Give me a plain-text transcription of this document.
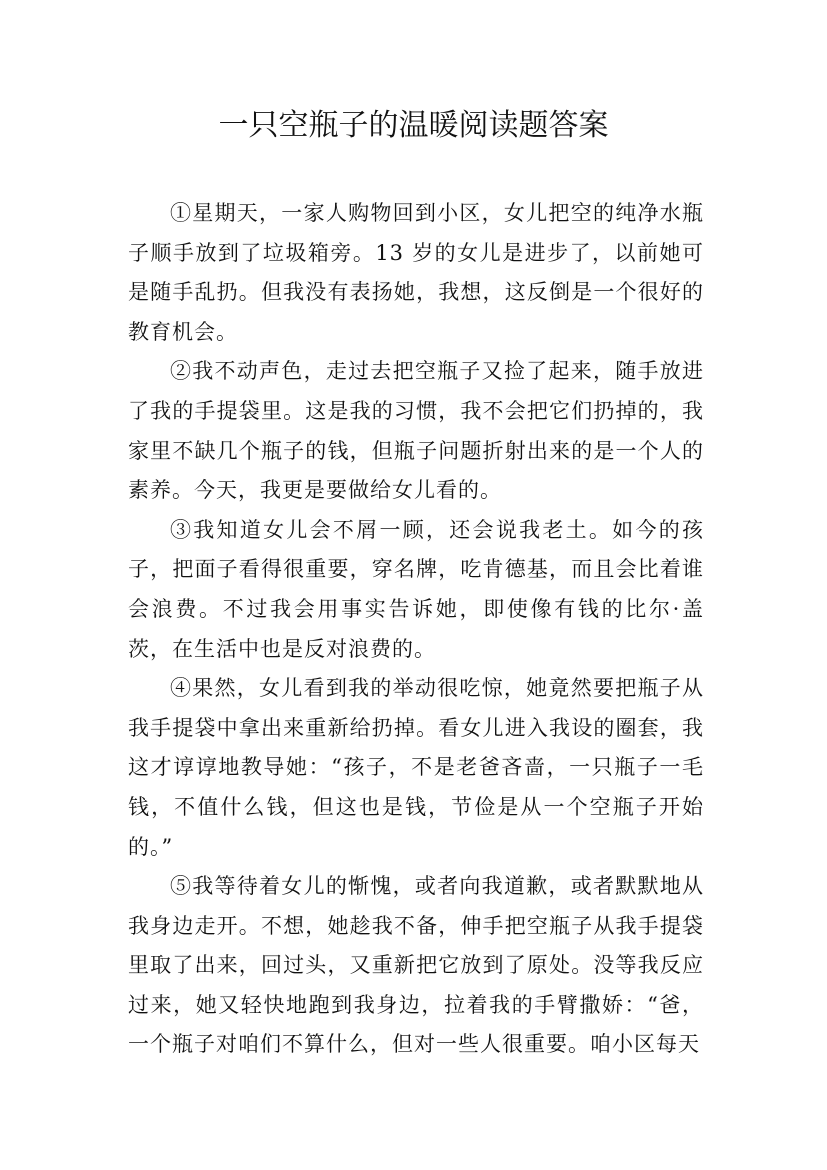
一只空瓶子的温暖阅读题答案

①星期天，一家人购物回到小区，女儿把空的纯净水瓶子顺手放到了垃圾箱旁。13 岁的女儿是进步了，以前她可是随手乱扔。但我没有表扬她，我想，这反倒是一个很好的教育机会。

②我不动声色，走过去把空瓶子又捡了起来，随手放进了我的手提袋里。这是我的习惯，我不会把它们扔掉的，我家里不缺几个瓶子的钱，但瓶子问题折射出来的是一个人的素养。今天，我更是要做给女儿看的。

③我知道女儿会不屑一顾，还会说我老土。如今的孩子，把面子看得很重要，穿名牌，吃肯德基，而且会比着谁会浪费。不过我会用事实告诉她，即使像有钱的比尔·盖茨，在生活中也是反对浪费的。

④果然，女儿看到我的举动很吃惊，她竟然要把瓶子从我手提袋中拿出来重新给扔掉。看女儿进入我设的圈套，我这才谆谆地教导她：“孩子，不是老爸吝啬，一只瓶子一毛钱，不值什么钱，但这也是钱，节俭是从一个空瓶子开始的。”

⑤我等待着女儿的惭愧，或者向我道歉，或者默默地从我身边走开。不想，她趁我不备，伸手把空瓶子从我手提袋里取了出来，回过头，又重新把它放到了原处。没等我反应过来，她又轻快地跑到我身边，拉着我的手臂撒娇：“爸，一个瓶子对咱们不算什么，但对一些人很重要。咱小区每天
